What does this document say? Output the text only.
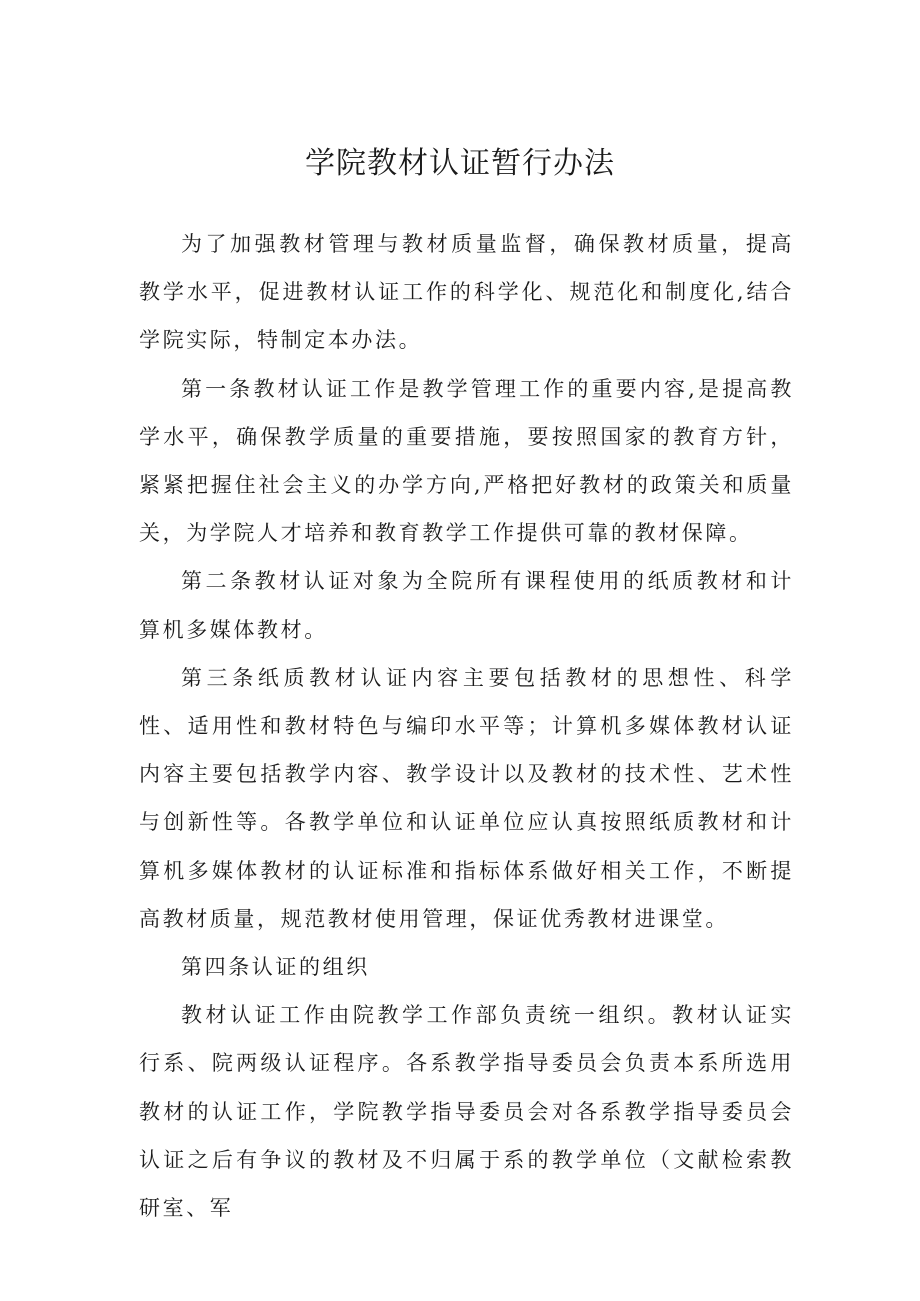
学院教材认证暂行办法

为了加强教材管理与教材质量监督，确保教材质量，提高教学水平，促进教材认证工作的科学化、规范化和制度化,结合学院实际，特制定本办法。

第一条教材认证工作是教学管理工作的重要内容,是提高教学水平，确保教学质量的重要措施，要按照国家的教育方针，紧紧把握住社会主义的办学方向,严格把好教材的政策关和质量关，为学院人才培养和教育教学工作提供可靠的教材保障。

第二条教材认证对象为全院所有课程使用的纸质教材和计算机多媒体教材。

第三条纸质教材认证内容主要包括教材的思想性、科学性、适用性和教材特色与编印水平等；计算机多媒体教材认证内容主要包括教学内容、教学设计以及教材的技术性、艺术性与创新性等。各教学单位和认证单位应认真按照纸质教材和计算机多媒体教材的认证标准和指标体系做好相关工作，不断提高教材质量，规范教材使用管理，保证优秀教材进课堂。

第四条认证的组织

教材认证工作由院教学工作部负责统一组织。教材认证实行系、院两级认证程序。各系教学指导委员会负责本系所选用教材的认证工作，学院教学指导委员会对各系教学指导委员会认证之后有争议的教材及不归属于系的教学单位（文献检索教研室、军
